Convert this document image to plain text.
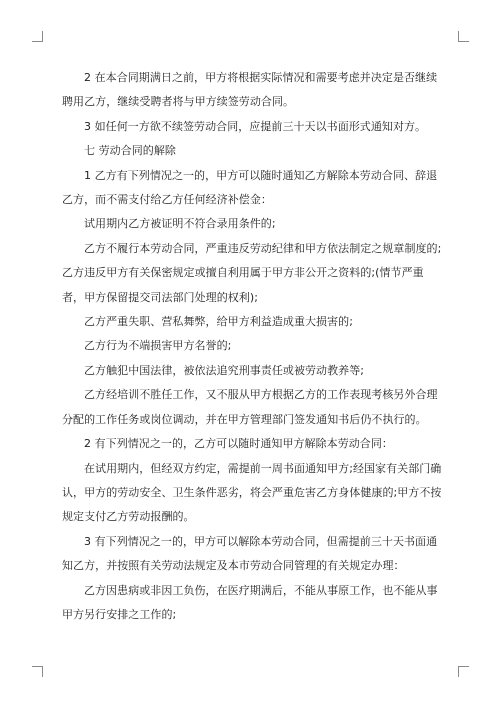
2 在本合同期满日之前，甲方将根据实际情况和需要考虑并决定是否继续聘用乙方，继续受聘者将与甲方续签劳动合同。

3 如任何一方欲不续签劳动合同，应提前三十天以书面形式通知对方。

七 劳动合同的解除

1 乙方有下列情况之一的，甲方可以随时通知乙方解除本劳动合同、辞退乙方，而不需支付给乙方任何经济补偿金：

试用期内乙方被证明不符合录用条件的;

乙方不履行本劳动合同，严重违反劳动纪律和甲方依法制定之规章制度的; 乙方违反甲方有关保密规定或擅自利用属于甲方非公开之资料的;(情节严重者，甲方保留提交司法部门处理的权利);

乙方严重失职、营私舞弊，给甲方利益造成重大损害的;

乙方行为不端损害甲方名誉的;

乙方触犯中国法律，被依法追究刑事责任或被劳动教养等;

乙方经培训不胜任工作，又不服从甲方根据乙方的工作表现考核另外合理分配的工作任务或岗位调动，并在甲方管理部门签发通知书后仍不执行的。

2 有下列情况之一的，乙方可以随时通知甲方解除本劳动合同：

在试用期内，但经双方约定，需提前一周书面通知甲方;经国家有关部门确认，甲方的劳动安全、卫生条件恶劣，将会严重危害乙方身体健康的;甲方不按规定支付乙方劳动报酬的。

3 有下列情况之一的，甲方可以解除本劳动合同，但需提前三十天书面通知乙方，并按照有关劳动法规定及本市劳动合同管理的有关规定办理：

乙方因患病或非因工负伤，在医疗期满后，不能从事原工作，也不能从事甲方另行安排之工作的;
